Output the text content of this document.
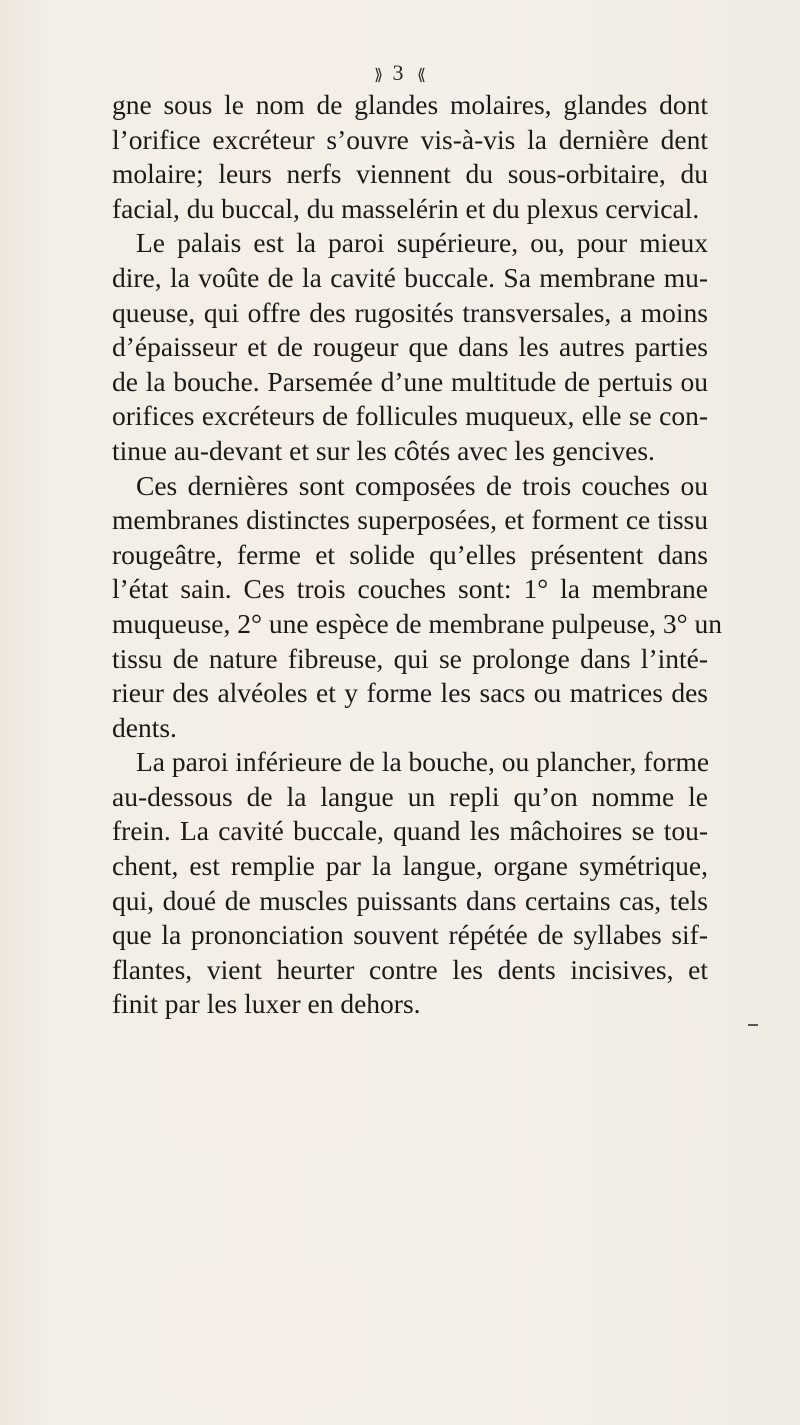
⟫ 3 ⟪

gne sous le nom de glandes molaires, glandes dont
l’orifice excréteur s’ouvre vis-à-vis la dernière dent
molaire; leurs nerfs viennent du sous-orbitaire, du
facial, du buccal, du masselérin et du plexus cervical.

Le palais est la paroi supérieure, ou, pour mieux
dire, la voûte de la cavité buccale. Sa membrane mu-
queuse, qui offre des rugosités transversales, a moins
d’épaisseur et de rougeur que dans les autres parties
de la bouche. Parsemée d’une multitude de pertuis ou
orifices excréteurs de follicules muqueux, elle se con-
tinue au-devant et sur les côtés avec les gencives.

Ces dernières sont composées de trois couches ou
membranes distinctes superposées, et forment ce tissu
rougeâtre, ferme et solide qu’elles présentent dans
l’état sain. Ces trois couches sont: 1° la membrane
muqueuse, 2° une espèce de membrane pulpeuse, 3° un
tissu de nature fibreuse, qui se prolonge dans l’inté-
rieur des alvéoles et y forme les sacs ou matrices des
dents.

La paroi inférieure de la bouche, ou plancher, forme
au-dessous de la langue un repli qu’on nomme le
frein. La cavité buccale, quand les mâchoires se tou-
chent, est remplie par la langue, organe symétrique,
qui, doué de muscles puissants dans certains cas, tels
que la prononciation souvent répétée de syllabes sif-
flantes, vient heurter contre les dents incisives, et
finit par les luxer en dehors.
